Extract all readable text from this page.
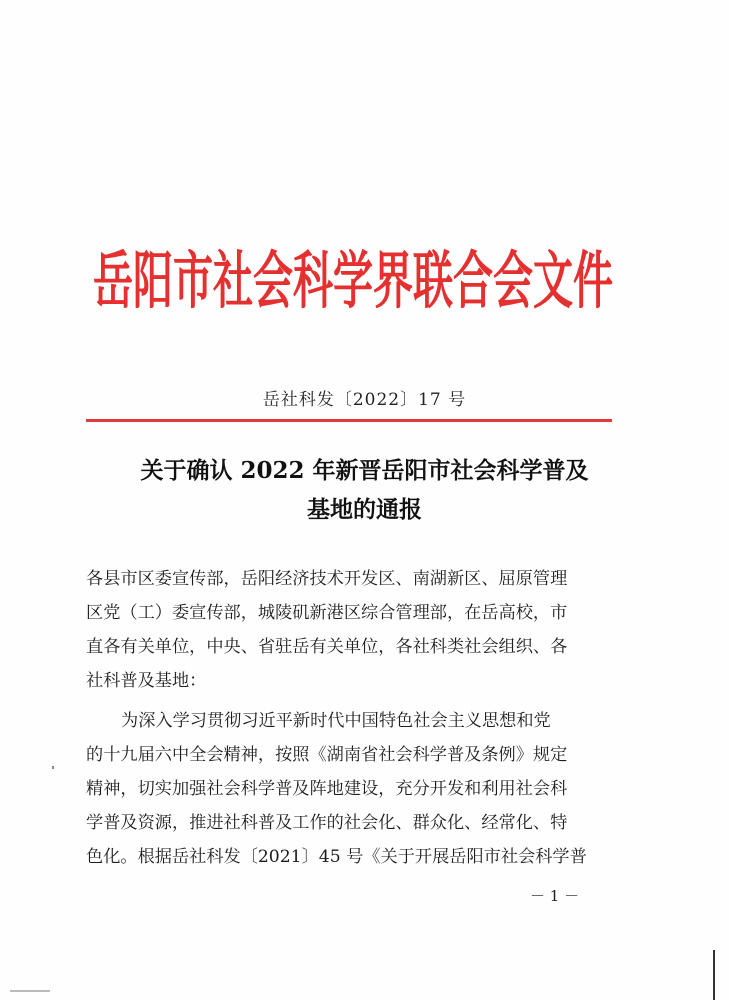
岳阳市社会科学界联合会文件
岳社科发〔2022〕17 号
关于确认 2022 年新晋岳阳市社会科学普及
基地的通报
各县市区委宣传部，岳阳经济技术开发区、南湖新区、屈原管理
区党（工）委宣传部，城陵矶新港区综合管理部，在岳高校，市
直各有关单位，中央、省驻岳有关单位，各社科类社会组织、各
社科普及基地：
为深入学习贯彻习近平新时代中国特色社会主义思想和党
的十九届六中全会精神，按照《湖南省社会科学普及条例》规定
精神，切实加强社会科学普及阵地建设，充分开发和利用社会科
学普及资源，推进社科普及工作的社会化、群众化、经常化、特
色化。根据岳社科发〔2021〕45 号《关于开展岳阳市社会科学普
－ 1 －
